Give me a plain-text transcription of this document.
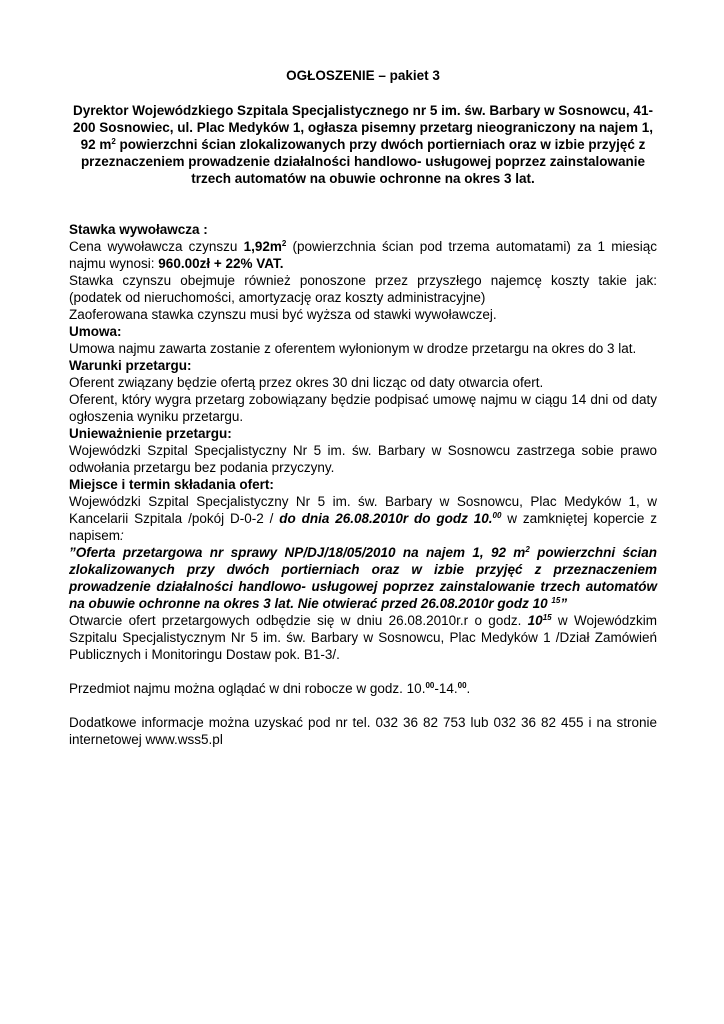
OGŁOSZENIE – pakiet 3
Dyrektor Wojewódzkiego Szpitala Specjalistycznego nr 5 im. św. Barbary w Sosnowcu, 41-200 Sosnowiec, ul. Plac Medyków 1, ogłasza pisemny przetarg nieograniczony na najem 1, 92 $m^2$ powierzchni ścian zlokalizowanych przy dwóch portierniach oraz w izbie przyjęć z przeznaczeniem prowadzenie działalności handlowo- usługowej poprzez zainstalowanie trzech automatów na obuwie ochronne na okres 3 lat.

Stawka wywoławcza :

Cena wywoławcza czynszu $1,92m^2$ (powierzchnia ścian pod trzema automatami) za 1 miesiąc najmu wynosi: 960.00zł + 22% VAT.

Stawka czynszu obejmuje również ponoszone przez przyszłego najemcę koszty takie jak: (podatek od nieruchomości, amortyzację oraz koszty administracyjne)

Zaoferowana stawka czynszu musi być wyższa od stawki wywoławczej.

Umowa:

Umowa najmu zawarta zostanie z oferentem wyłonionym w drodze przetargu na okres do 3 lat.

Warunki przetargu:

Oferent związany będzie ofertą przez okres 30 dni licząc od daty otwarcia ofert.

Oferent, który wygra przetarg zobowiązany będzie podpisać umowę najmu w ciągu 14 dni od daty ogłoszenia wyniku przetargu.

Unieważnienie przetargu:

Wojewódzki Szpital Specjalistyczny Nr 5 im. św. Barbary w Sosnowcu zastrzega sobie prawo odwołania przetargu bez podania przyczyny.

Miejsce i termin składania ofert:

Wojewódzki Szpital Specjalistyczny Nr 5 im. św. Barbary w Sosnowcu, Plac Medyków 1, w Kancelarii Szpitala /pokój D-0-2 / do dnia 26.08.2010r do godz 10.00 w zamkniętej kopercie z napisem:

”Oferta przetargowa nr sprawy NP/DJ/18/05/2010 na najem 1, 92 $m^2$ powierzchni ścian zlokalizowanych przy dwóch portierniach oraz w izbie przyjęć z przeznaczeniem prowadzenie działalności handlowo- usługowej poprzez zainstalowanie trzech automatów na obuwie ochronne na okres 3 lat. Nie otwierać przed 26.08.2010r godz 10 $^{15}$”

Otwarcie ofert przetargowych odbędzie się w dniu 26.08.2010r.r o godz. $10^{15}$ w Wojewódzkim Szpitalu Specjalistycznym Nr 5 im. św. Barbary w Sosnowcu, Plac Medyków 1 /Dział Zamówień Publicznych i Monitoringu Dostaw pok. B1-3/.

Przedmiot najmu można oglądać w dni robocze w godz. 10.00-14.00.

Dodatkowe informacje można uzyskać pod nr tel. 032 36 82 753 lub 032 36 82 455 i na stronie internetowej www.wss5.pl
